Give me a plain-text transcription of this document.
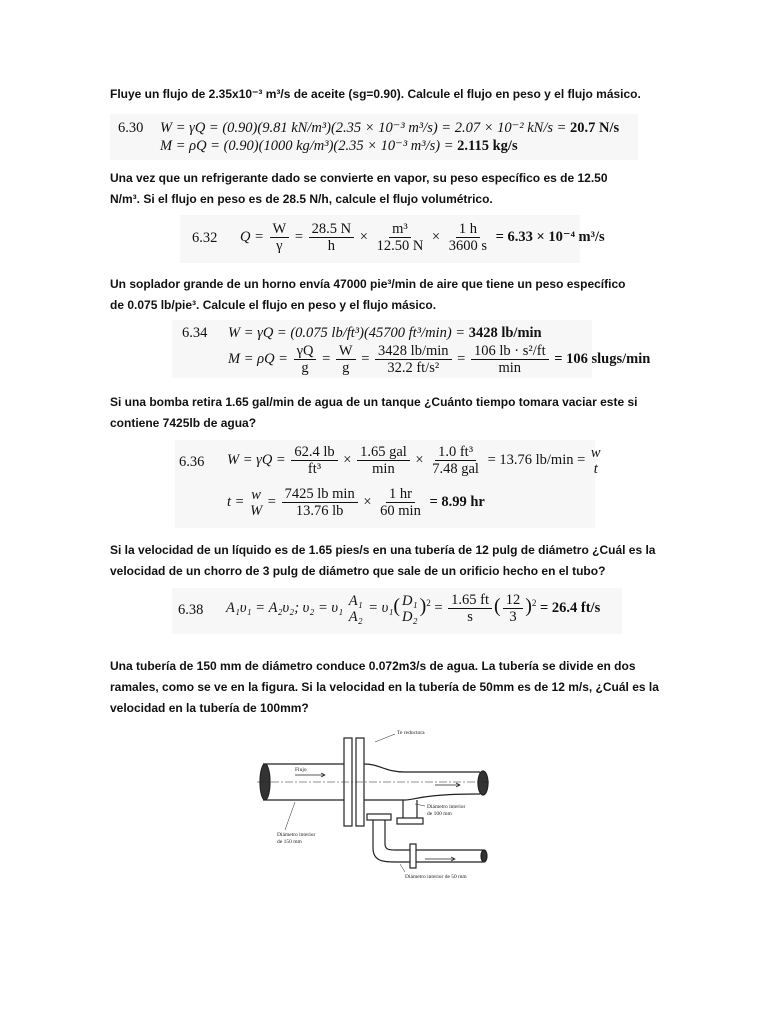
Fluye un flujo de 2.35x10⁻³ m³/s de aceite (sg=0.90). Calcule el flujo en peso y el flujo másico.
6.30 W = γQ = (0.90)(9.81 kN/m³)(2.35 × 10⁻³ m³/s) = 2.07 × 10⁻² kN/s = 20.7 N/s
M = ρQ = (0.90)(1000 kg/m³)(2.35 × 10⁻³ m³/s) = 2.115 kg/s
Una vez que un refrigerante dado se convierte en vapor, su peso específico es de 12.50 N/m³. Si el flujo en peso es de 28.5 N/h, calcule el flujo volumétrico.
6.32 $Q = \frac{W}{\gamma} = \frac{28.5 N}{h} \times \frac{\text{m³}}{12.50 N} \times \frac{1 h}{3600 s} = 6.33 \times 10^{-4}$ m³/s
Un soplador grande de un horno envía 47000 pie³/min de aire que tiene un peso específico de 0.075 lb/pie³. Calcule el flujo en peso y el flujo másico.
6.34 W = γQ = (0.075 lb/ft³)(45700 ft³/min) = 3428 lb/min
$M = \rho Q = \frac{\gamma Q}{g} = \frac{W}{g} = \frac{3428 lb/\min}{\text{32.2 ft/s²}} = \frac{\text{106 lb · s²/ft}}{\min} = 106$ slugs/min
Si una bomba retira 1.65 gal/min de agua de un tanque ¿Cuánto tiempo tomara vaciar este si contiene 7425lb de agua?
6.36 $W = \gamma Q = \frac{62.4 lb}{\text{ft³}} \times \frac{\text{1.65 gal}}{\min} \times \frac{\text{1.0 ft³}}{\text{7.48 gal}} = 13.76$ lb/min = w
t
t = w
W
= $\frac{\text{7425 lb min}}{13.76 lb} \times \frac{1 hr}{60 \min} = 8.99$ hr
Si la velocidad de un líquido es de 1.65 pies/s en una tubería de 12 pulg de diámetro ¿Cuál es la velocidad de un chorro de 3 pulg de diámetro que sale de un orificio hecho en el tubo?
6.38 A₁υ₁ = A₂υ₂; υ₂ = υ₁ A₁
A₂
= υ₁( D₁
D₂ )$^2 = \frac{1.65 ft}{s}$ ( $\frac{12}{3} )^2 = 26.4$ ft/s
Una tubería de 150 mm de diámetro conduce 0.072m3/s de agua. La tubería se divide en dos ramales, como se ve en la figura. Si la velocidad en la tubería de 50mm es de 12 m/s, ¿Cuál es la velocidad en la tubería de 100mm?
Te reductora
Flujo
Diámetro interior
de 100 mm
Diámetro interior
de 150 mm
Diámetro interior de 50 mm
